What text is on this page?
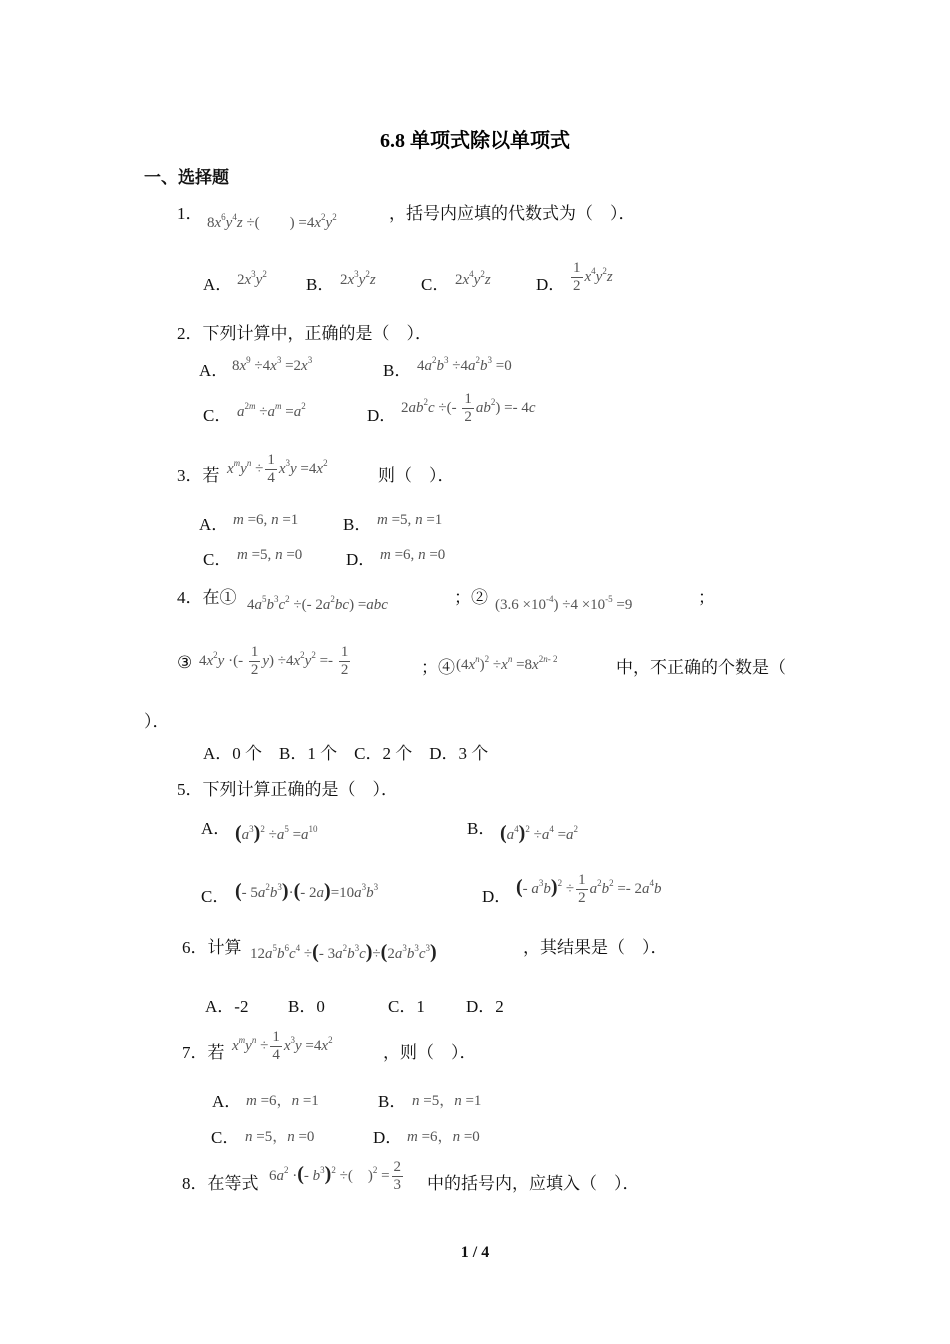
6.8 单项式除以单项式
一、选择题
1． $8x^6y^4z$ ÷(　　) $=4x^2y^2$	，括号内应填的代数式为（　）．
A． $2x^3y^2$
B． $2x^3y^2z$	C． $2x^4y^2z$	D． $\frac{1}{2} x^4y^2z$
2．下列计算中，正确的是（　）．
A． $8x^9 \div 4x^3 =2x^3$
B． $4a^2b^3 \div 4a^2b^3 =0$
C． $a^{2m} \div a^m =a^2$	D． $2ab^2c$ ÷(- $\frac{1}{2} ab^2) =- 4c$
3．若 $x^my^n \div \frac{1}{4} x^3y =4x^2$
则（　）．
A． m =6, n =1	B． m =5, n =1
C． m =5, n =0	D． m =6, n =0
4．在① $4a^5b^3c^2$ ÷(- $2a^2bc) =abc$	；② $(3.6 \times 10^{-4}) \div 4 \times 10^{-5} =9$	；
③ $4x^2y$ ·(- $\frac{1}{2} y) \div 4x^2y^2 =- \frac{1}{2}$	；④ $(4x^n)^2 \div x^n =8x^{2n- 2}$	中，不正确的个数是（
）．
A．0 个　B．1 个　C．2 个　D．3 个
5．下列计算正确的是（　）．
A． $(a^3)^2 \div a^5 =a^{10}$	B． $(a^4)^2 \div a^4 =a^2$
C． (- $5a^2b^3)\cdot(-$ $2a)=10a^3b^3$	D． (- $a^3b)^2 \div \frac{1}{2} a^2b^2 =- 2a^4b$
6．计算 $12a^5b^6c^4$ ÷(- $3a^2b^3c)\div(2a^3b^3c^3)$	，其结果是（　）．
A．-2 B．0	C．1 D．2
7．若 $x^my^n \div \frac{1}{4} x^3y =4x^2$
，则（　）．
A． m =6，n =1	B． n =5，n =1
C． n =5，n =0	D． m =6，n =0
8．在等式 $6a^2$ ·(- $b^3)^2$ ÷(　)$^2 = \frac{2}{3}$ 中的括号内，应填入（　）．
1 / 4
